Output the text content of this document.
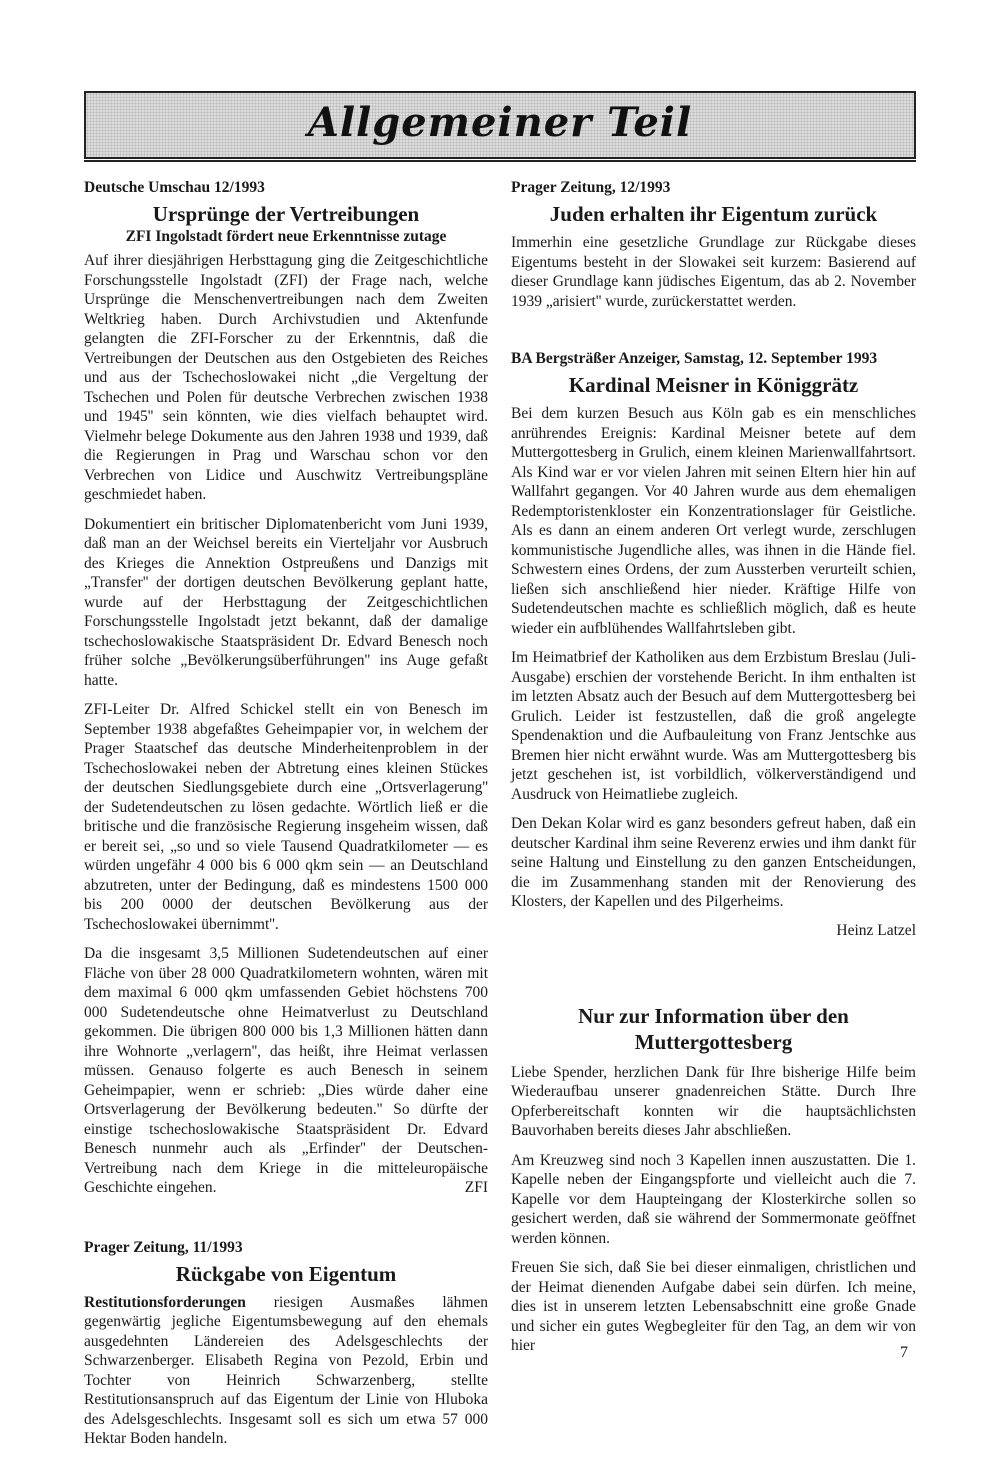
Allgemeiner Teil

Deutsche Umschau 12/1993

Ursprünge der Vertreibungen
ZFI Ingolstadt fördert neue Erkenntnisse zutage

Auf ihrer diesjährigen Herbsttagung ging die Zeitgeschichtliche Forschungsstelle Ingolstadt (ZFI) der Frage nach, welche Ursprünge die Menschenvertreibungen nach dem Zweiten Weltkrieg haben. Durch Archivstudien und Aktenfunde gelangten die ZFI-Forscher zu der Erkenntnis, daß die Vertreibungen der Deutschen aus den Ostgebieten des Reiches und aus der Tschechoslowakei nicht „die Vergeltung der Tschechen und Polen für deutsche Verbrechen zwischen 1938 und 1945'' sein könnten, wie dies vielfach behauptet wird. Vielmehr belege Dokumente aus den Jahren 1938 und 1939, daß die Regierungen in Prag und Warschau schon vor den Verbrechen von Lidice und Auschwitz Vertreibungspläne geschmiedet haben.

Dokumentiert ein britischer Diplomatenbericht vom Juni 1939, daß man an der Weichsel bereits ein Vierteljahr vor Ausbruch des Krieges die Annektion Ostpreußens und Danzigs mit „Transfer'' der dortigen deutschen Bevölkerung geplant hatte, wurde auf der Herbsttagung der Zeitgeschichtlichen Forschungsstelle Ingolstadt jetzt bekannt, daß der damalige tschechoslowakische Staatspräsident Dr. Edvard Benesch noch früher solche „Bevölkerungsüberführungen'' ins Auge gefaßt hatte.

ZFI-Leiter Dr. Alfred Schickel stellt ein von Benesch im September 1938 abgefaßtes Geheimpapier vor, in welchem der Prager Staatschef das deutsche Minderheitenproblem in der Tschechoslowakei neben der Abtretung eines kleinen Stückes der deutschen Siedlungsgebiete durch eine „Ortsverlagerung'' der Sudetendeutschen zu lösen gedachte. Wörtlich ließ er die britische und die französische Regierung insgeheim wissen, daß er bereit sei, „so und so viele Tausend Quadratkilometer — es würden ungefähr 4 000 bis 6 000 qkm sein — an Deutschland abzutreten, unter der Bedingung, daß es mindestens 1500 000 bis 200 0000 der deutschen Bevölkerung aus der Tschechoslowakei übernimmt''.

Da die insgesamt 3,5 Millionen Sudetendeutschen auf einer Fläche von über 28 000 Quadratkilometern wohnten, wären mit dem maximal 6 000 qkm umfassenden Gebiet höchstens 700 000 Sudetendeutsche ohne Heimatverlust zu Deutschland gekommen. Die übrigen 800 000 bis 1,3 Millionen hätten dann ihre Wohnorte „verlagern'', das heißt, ihre Heimat verlassen müssen. Genauso folgerte es auch Benesch in seinem Geheimpapier, wenn er schrieb: „Dies würde daher eine Ortsverlagerung der Bevölkerung bedeuten.'' So dürfte der einstige tschechoslowakische Staatspräsident Dr. Edvard Benesch nunmehr auch als „Erfinder'' der Deutschen-Vertreibung nach dem Kriege in die mitteleuropäische Geschichte eingehen.	ZFI

Prager Zeitung, 11/1993

Rückgabe von Eigentum

Restitutionsforderungen riesigen Ausmaßes lähmen gegenwärtig jegliche Eigentumsbewegung auf den ehemals ausgedehnten Ländereien des Adelsgeschlechts der Schwarzenberger. Elisabeth Regina von Pezold, Erbin und Tochter von Heinrich Schwarzenberg, stellte Restitutionsanspruch auf das Eigentum der Linie von Hluboka des Adelsgeschlechts. Insgesamt soll es sich um etwa 57 000 Hektar Boden handeln.

Prager Zeitung, 12/1993

Juden erhalten ihr Eigentum zurück

Immerhin eine gesetzliche Grundlage zur Rückgabe dieses Eigentums besteht in der Slowakei seit kurzem: Basierend auf dieser Grundlage kann jüdisches Eigentum, das ab 2. November 1939 „arisiert'' wurde, zurückerstattet werden.

BA Bergsträßer Anzeiger, Samstag, 12. September 1993

Kardinal Meisner in Königgrätz

Bei dem kurzen Besuch aus Köln gab es ein menschliches anrührendes Ereignis: Kardinal Meisner betete auf dem Muttergottesberg in Grulich, einem kleinen Marienwallfahrtsort. Als Kind war er vor vielen Jahren mit seinen Eltern hier hin auf Wallfahrt gegangen. Vor 40 Jahren wurde aus dem ehemaligen Redemptoristenkloster ein Konzentrationslager für Geistliche. Als es dann an einem anderen Ort verlegt wurde, zerschlugen kommunistische Jugendliche alles, was ihnen in die Hände fiel. Schwestern eines Ordens, der zum Aussterben verurteilt schien, ließen sich anschließend hier nieder. Kräftige Hilfe von Sudetendeutschen machte es schließlich möglich, daß es heute wieder ein aufblühendes Wallfahrtsleben gibt.

Im Heimatbrief der Katholiken aus dem Erzbistum Breslau (Juli-Ausgabe) erschien der vorstehende Bericht. In ihm enthalten ist im letzten Absatz auch der Besuch auf dem Muttergottesberg bei Grulich. Leider ist festzustellen, daß die groß angelegte Spendenaktion und die Aufbauleitung von Franz Jentschke aus Bremen hier nicht erwähnt wurde. Was am Muttergottesberg bis jetzt geschehen ist, ist vorbildlich, völkerverständigend und Ausdruck von Heimatliebe zugleich.

Den Dekan Kolar wird es ganz besonders gefreut haben, daß ein deutscher Kardinal ihm seine Reverenz erwies und ihm dankt für seine Haltung und Einstellung zu den ganzen Entscheidungen, die im Zusammenhang standen mit der Renovierung des Klosters, der Kapellen und des Pilgerheims.

Heinz Latzel

Nur zur Information über den Muttergottesberg

Liebe Spender, herzlichen Dank für Ihre bisherige Hilfe beim Wiederaufbau unserer gnadenreichen Stätte. Durch Ihre Opferbereitschaft konnten wir die hauptsächlichsten Bauvorhaben bereits dieses Jahr abschließen.

Am Kreuzweg sind noch 3 Kapellen innen auszustatten. Die 1. Kapelle neben der Eingangspforte und vielleicht auch die 7. Kapelle vor dem Haupteingang der Klosterkirche sollen so gesichert werden, daß sie während der Sommermonate geöffnet werden können.

Freuen Sie sich, daß Sie bei dieser einmaligen, christlichen und der Heimat dienenden Aufgabe dabei sein dürfen. Ich meine, dies ist in unserem letzten Lebensabschnitt eine große Gnade und sicher ein gutes Wegbegleiter für den Tag, an dem wir von hier	7
